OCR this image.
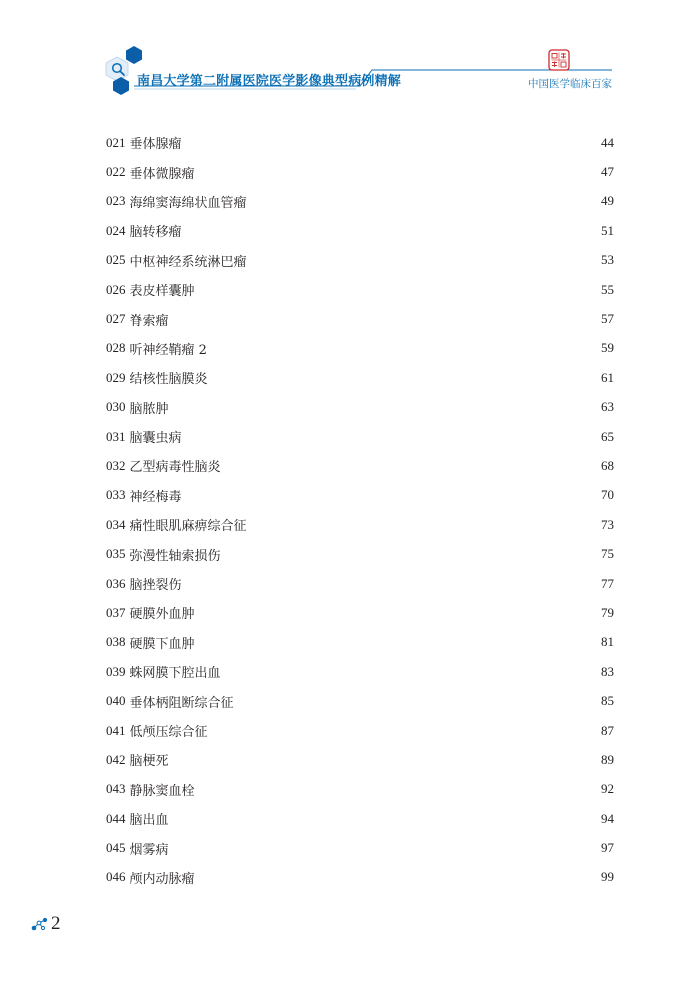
南昌大学第二附属医院医学影像典型病例精解	中国医学临床百家
021 垂体腺瘤	44
022 垂体微腺瘤	47
023 海绵窦海绵状血管瘤	49
024 脑转移瘤	51
025 中枢神经系统淋巴瘤	53
026 表皮样囊肿	55
027 脊索瘤	57
028 听神经鞘瘤 2	59
029 结核性脑膜炎	61
030 脑脓肿	63
031 脑囊虫病	65
032 乙型病毒性脑炎	68
033 神经梅毒	70
034 痛性眼肌麻痹综合征	73
035 弥漫性轴索损伤	75
036 脑挫裂伤	77
037 硬膜外血肿	79
038 硬膜下血肿	81
039 蛛网膜下腔出血	83
040 垂体柄阻断综合征	85
041 低颅压综合征	87
042 脑梗死	89
043 静脉窦血栓	92
044 脑出血	94
045 烟雾病	97
046 颅内动脉瘤	99
2
